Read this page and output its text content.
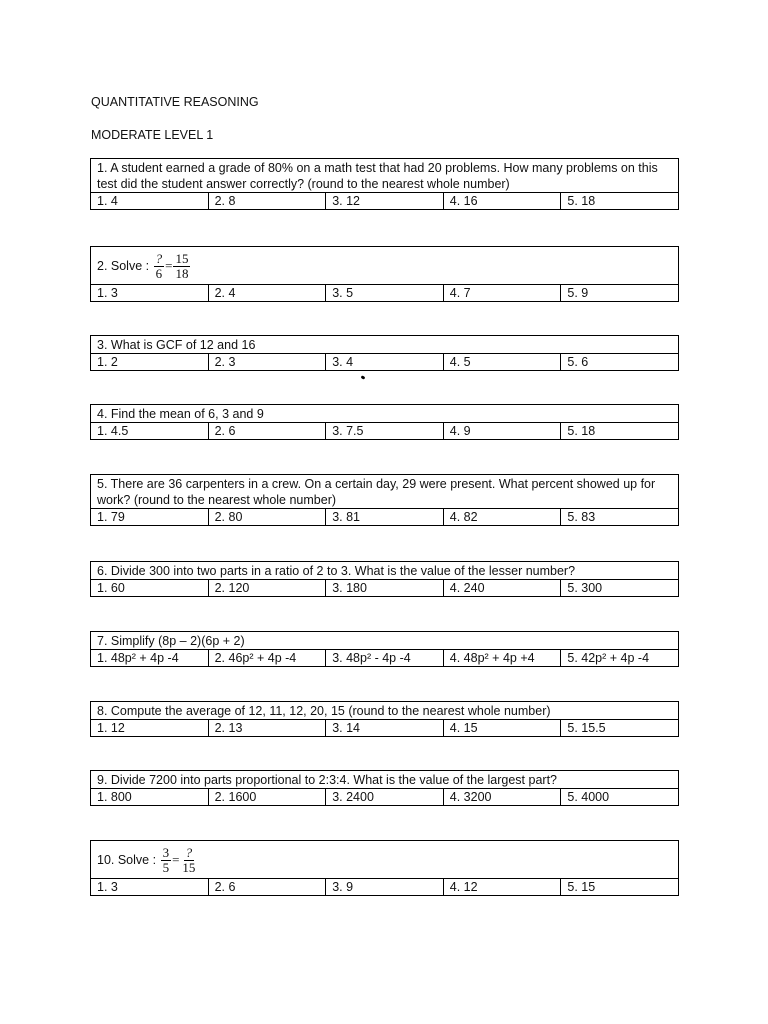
QUANTITATIVE REASONING
MODERATE LEVEL 1
1. A student earned a grade of 80% on a math test that had 20 problems. How many problems on this test did the student answer correctly? (round to the nearest whole number)
1. 4	2. 8	3. 12	4. 16	5. 18
2. Solve :
$\frac{?}{6} = \frac{15}{18}$

1. 3	2. 4	3. 5	4. 7	5. 9
3. What is GCF of 12 and 16
1. 2	2. 3	3. 4	4. 5	5. 6
4. Find the mean of 6, 3 and 9
1. 4.5	2. 6	3. 7.5	4. 9	5. 18
5. There are 36 carpenters in a crew. On a certain day, 29 were present. What percent showed up for work? (round to the nearest whole number)
1. 79	2. 80	3. 81	4. 82	5. 83
6. Divide 300 into two parts in a ratio of 2 to 3. What is the value of the lesser number?
1. 60	2. 120	3. 180	4. 240	5. 300
7. Simplify (8p – 2)(6p + 2)
1. 48p² + 4p -4	2. 46p² + 4p -4	3. 48p² - 4p -4	4. 48p² + 4p +4	5. 42p² + 4p -4
8. Compute the average of 12, 11, 12, 20, 15 (round to the nearest whole number)
1. 12	2. 13	3. 14	4. 15	5. 15.5
9. Divide 7200 into parts proportional to 2:3:4. What is the value of the largest part?
1. 800	2. 1600	3. 2400	4. 3200	5. 4000
10. Solve :
$\frac{3}{5} = \frac{?}{15}$

1. 3	2. 6	3. 9	4. 12	5. 15
